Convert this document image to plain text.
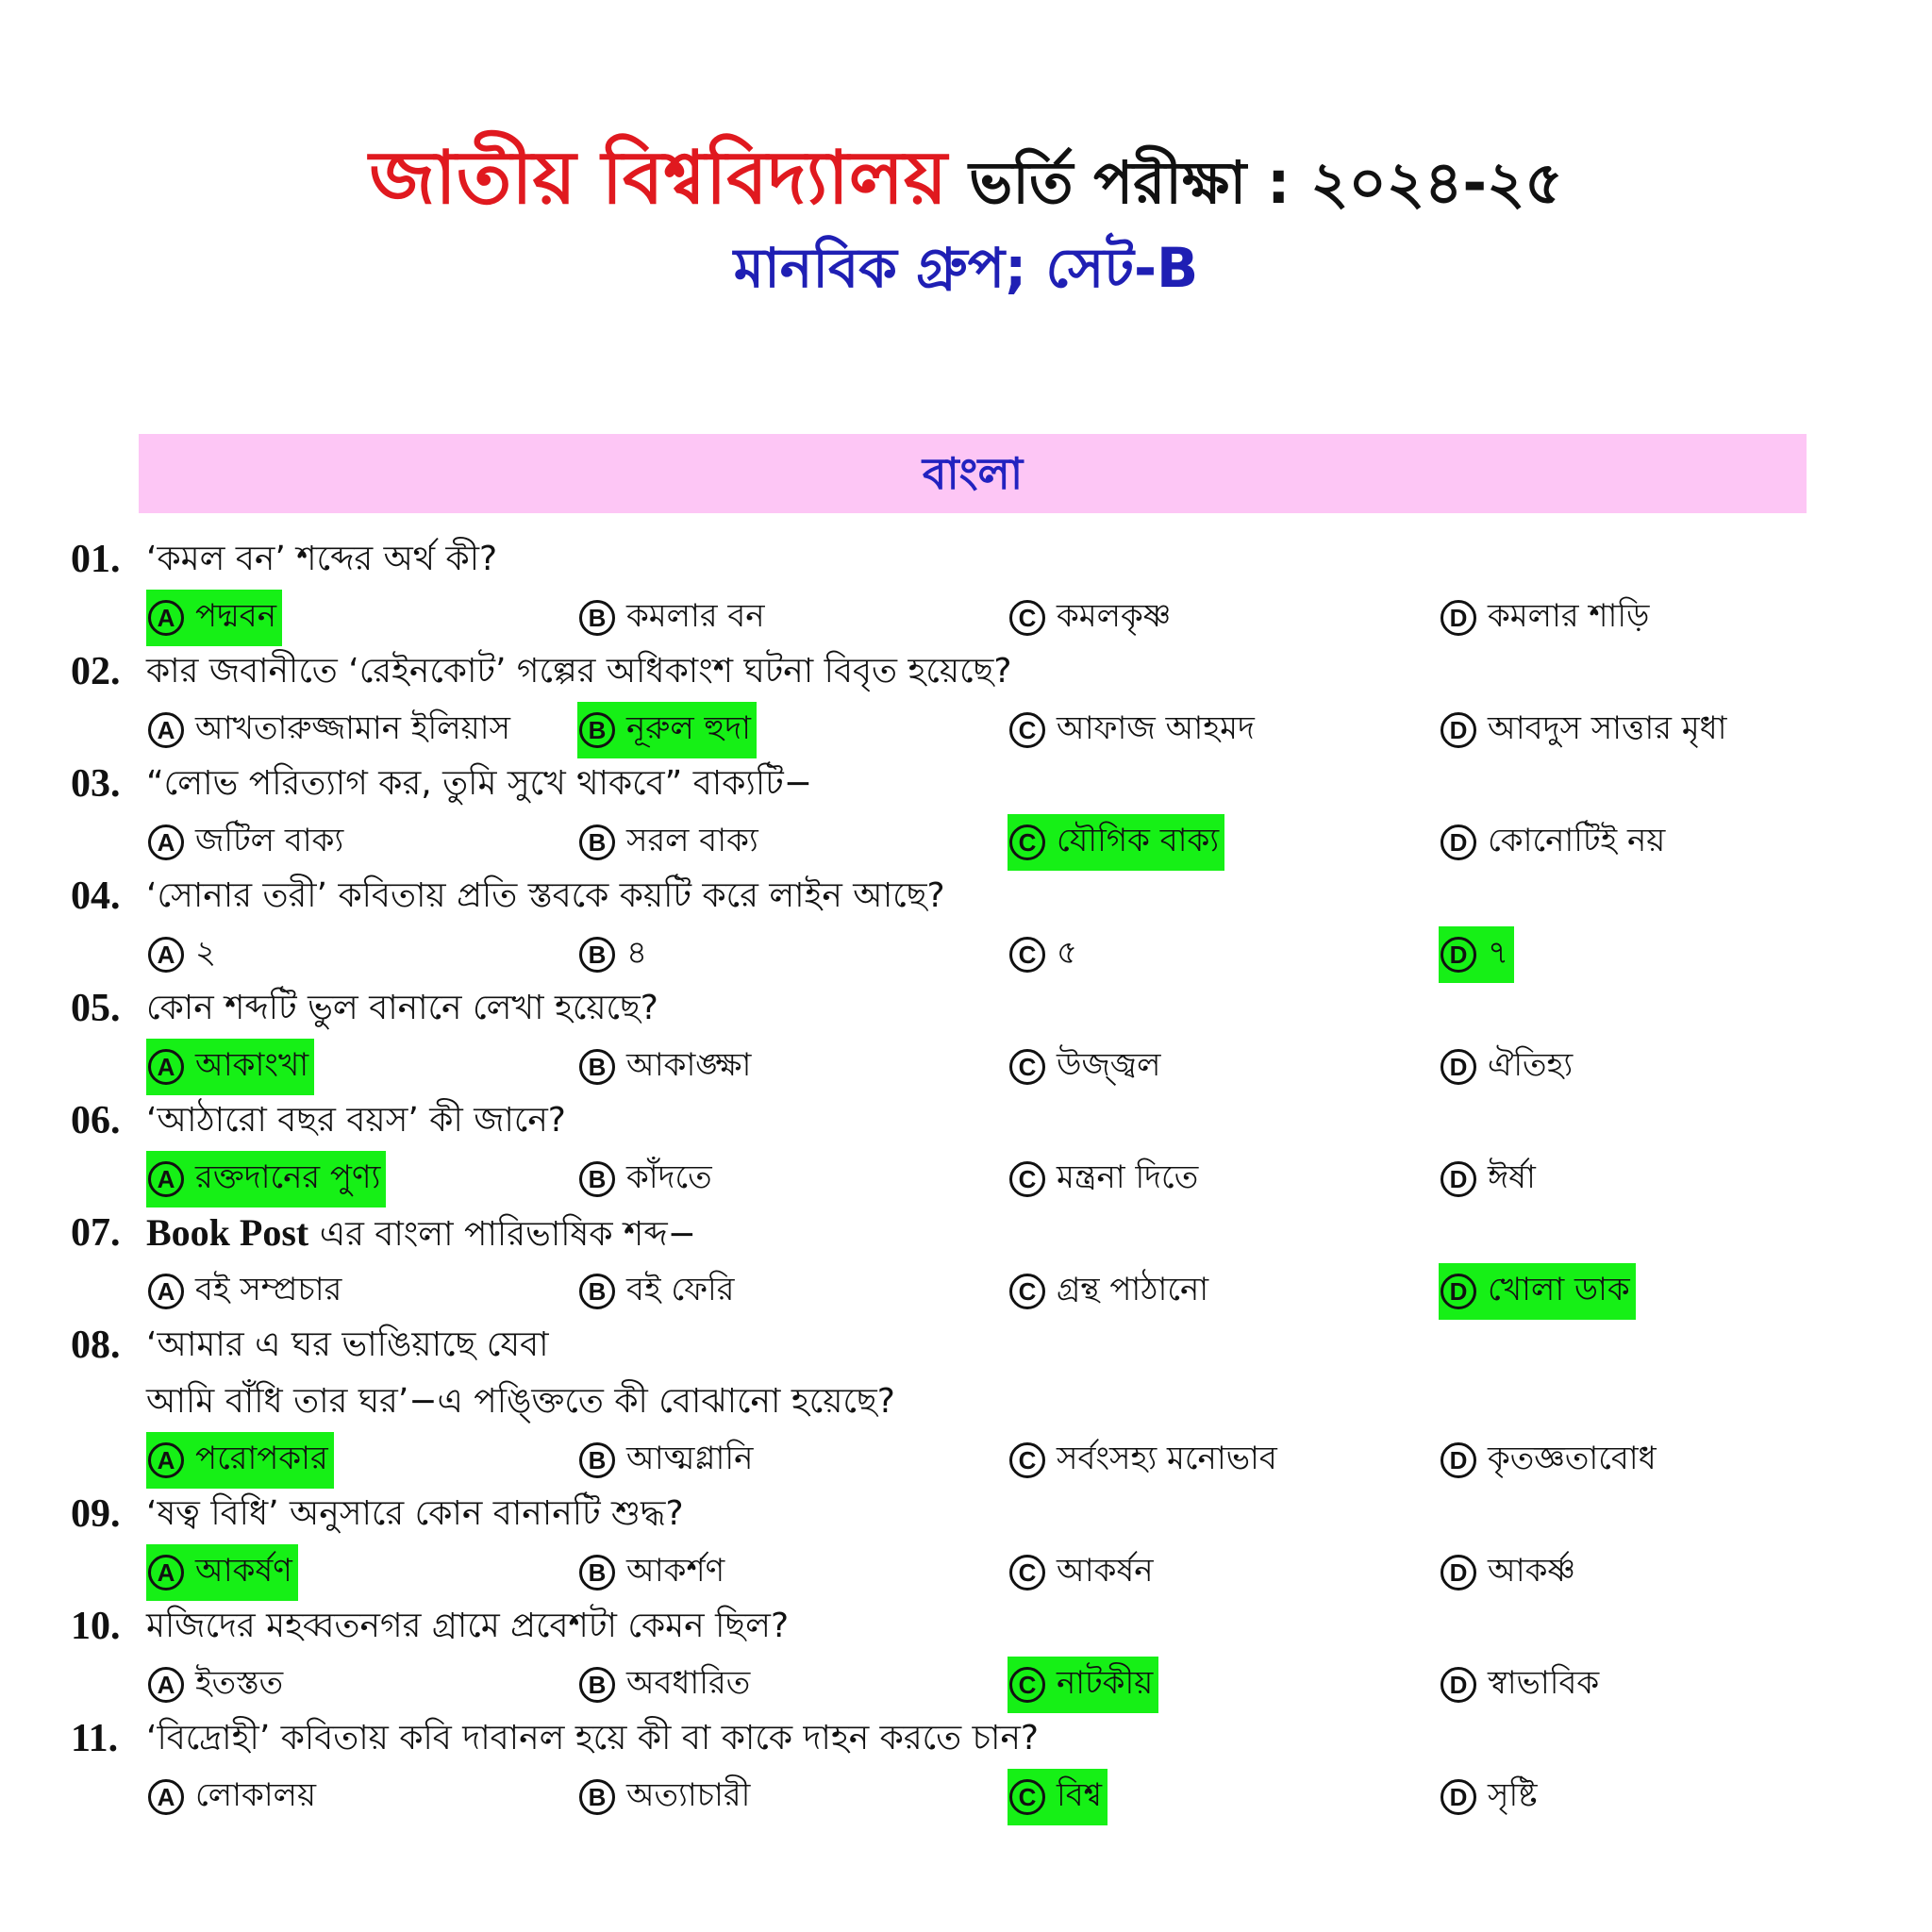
জাতীয় বিশ্ববিদ্যালয় ভর্তি পরীক্ষা : ২০২৪-২৫
মানবিক গ্রুপ; সেট-B
বাংলা
01. ‘কমল বন’ শব্দের অর্থ কী?
A পদ্মবন	B কমলার বন	C কমলকৃষ্ণ	D কমলার শাড়ি
02. কার জবানীতে ‘রেইনকোট’ গল্পের অধিকাংশ ঘটনা বিবৃত হয়েছে?
A আখতারুজ্জামান ইলিয়াস	B নূরুল হুদা	C আফাজ আহমদ	D আবদুস সাত্তার মৃধা
03. “লোভ পরিত্যাগ কর, তুমি সুখে থাকবে” বাক্যটি−
A জটিল বাক্য	B সরল বাক্য	C যৌগিক বাক্য	D কোনোটিই নয়
04. ‘সোনার তরী’ কবিতায় প্রতি স্তবকে কয়টি করে লাইন আছে?
A ২	B ৪	C ৫	D ৭
05. কোন শব্দটি ভুল বানানে লেখা হয়েছে?
A আকাংখা	B আকাঙ্ক্ষা	C উজ্জ্বল	D ঐতিহ্য
06. ‘আঠারো বছর বয়স’ কী জানে?
A রক্তদানের পুণ্য	B কাঁদতে	C মন্ত্রনা দিতে	D ঈর্ষা
07. Book Post এর বাংলা পারিভাষিক শব্দ−
A বই সম্প্রচার	B বই ফেরি	C গ্রন্থ পাঠানো	D খোলা ডাক
08. ‘আমার এ ঘর ভাঙিয়াছে যেবা
আমি বাঁধি তার ঘর’−এ পঙ্ক্তিতে কী বোঝানো হয়েছে?
A পরোপকার	B আত্মগ্লানি	C সর্বংসহ্য মনোভাব	D কৃতজ্ঞতাবোধ
09. ‘ষত্ব বিধি’ অনুসারে কোন বানানটি শুদ্ধ?
A আকর্ষণ	B আকর্শণ	C আকর্ষন	D আকর্ষ্ণ
10. মজিদের মহব্বতনগর গ্রামে প্রবেশটা কেমন ছিল?
A ইতস্তত	B অবধারিত	C নাটকীয়	D স্বাভাবিক
11. ‘বিদ্রোহী’ কবিতায় কবি দাবানল হয়ে কী বা কাকে দাহন করতে চান?
A লোকালয়	B অত্যাচারী	C বিশ্ব	D সৃষ্টি
